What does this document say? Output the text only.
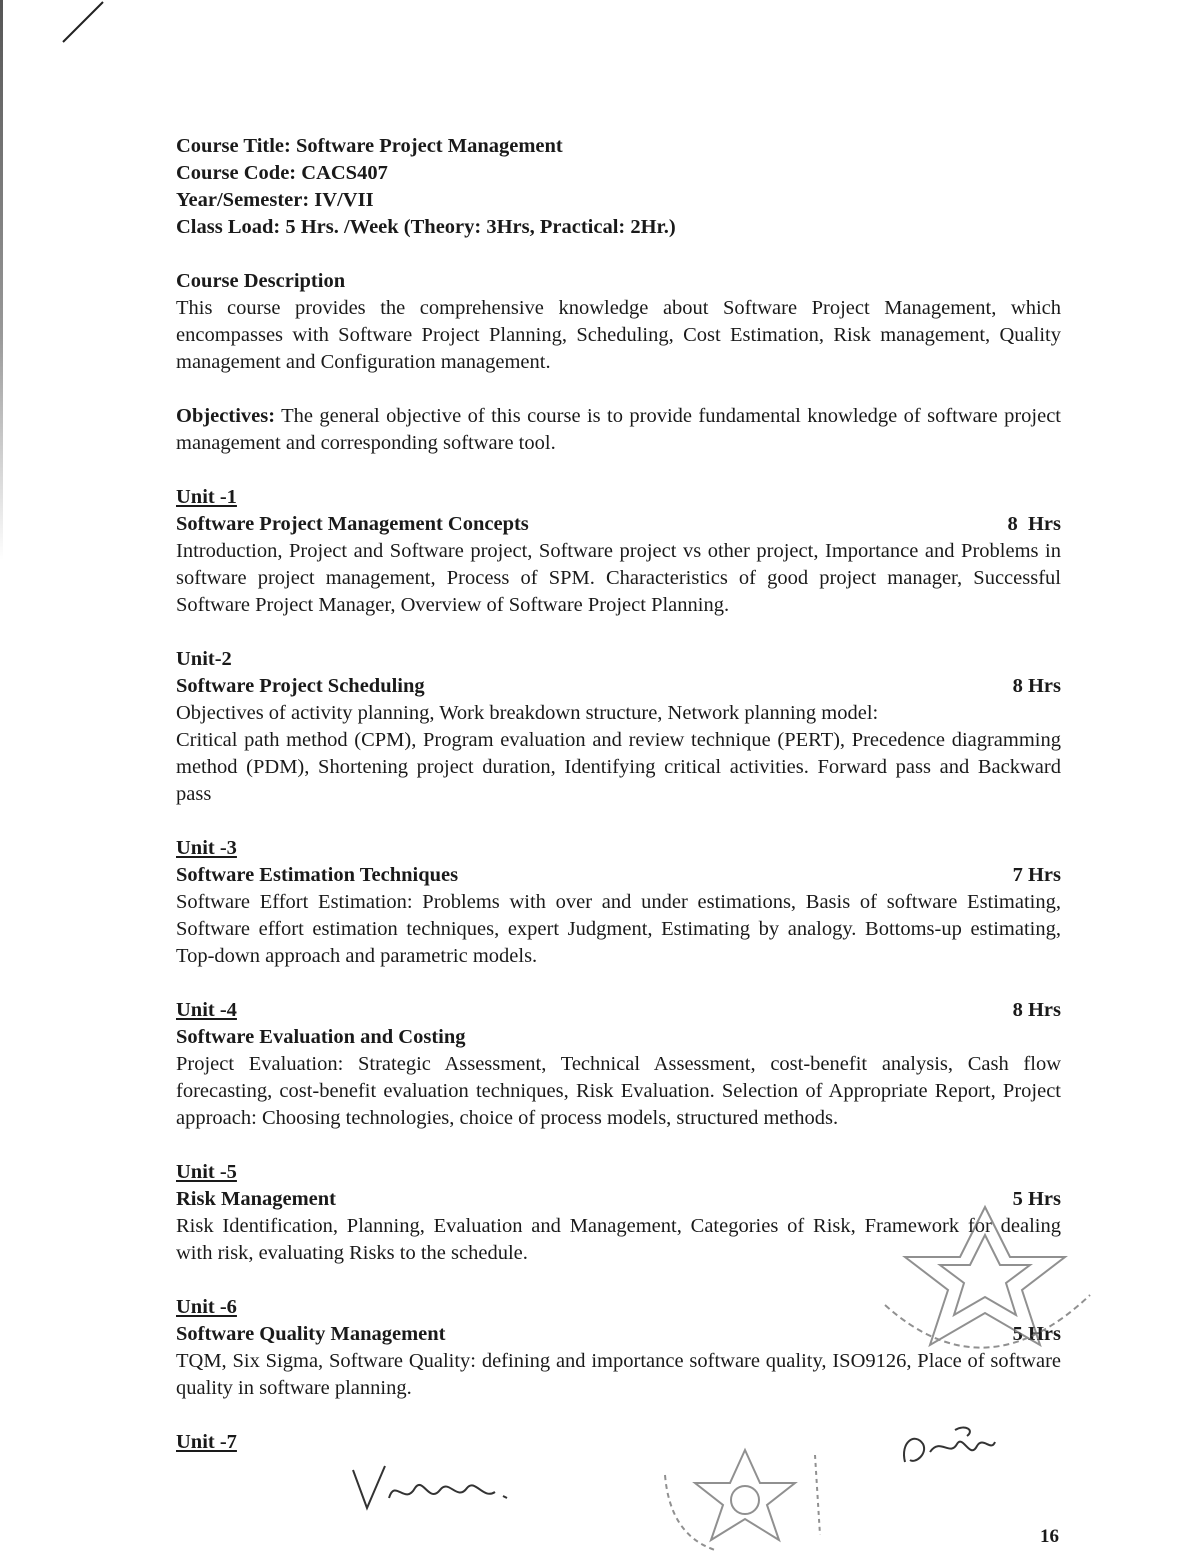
Course Title: Software Project Management

Course Code: CACS407

Year/Semester: IV/VII

Class Load: 5 Hrs. /Week (Theory: 3Hrs, Practical: 2Hr.)

Course Description

This course provides the comprehensive knowledge about Software Project Management, which encompasses with Software Project Planning, Scheduling, Cost Estimation, Risk management, Quality management and Configuration management.

Objectives: The general objective of this course is to provide fundamental knowledge of software project management and corresponding software tool.

Unit -1

Software Project Management Concepts	8  Hrs

Introduction, Project and Software project, Software project vs other project, Importance and Problems in software project management, Process of SPM. Characteristics of good project manager, Successful Software Project Manager, Overview of Software Project Planning.

Unit-2

Software Project Scheduling	8 Hrs

Objectives of activity planning, Work breakdown structure, Network planning model:

Critical path method (CPM), Program evaluation and review technique (PERT), Precedence diagramming method (PDM), Shortening project duration, Identifying critical activities. Forward pass and Backward pass

Unit -3

Software Estimation Techniques	7 Hrs

Software Effort Estimation: Problems with over and under estimations, Basis of software Estimating, Software effort estimation techniques, expert Judgment, Estimating by analogy. Bottoms-up estimating, Top-down approach and parametric models.

Unit -4	8 Hrs

Software Evaluation and Costing

Project Evaluation: Strategic Assessment, Technical Assessment, cost-benefit analysis, Cash flow forecasting, cost-benefit evaluation techniques, Risk Evaluation. Selection of Appropriate Report, Project approach: Choosing technologies, choice of process models, structured methods.

Unit -5

Risk Management	5 Hrs

Risk Identification, Planning, Evaluation and Management, Categories of Risk, Framework for dealing with risk, evaluating Risks to the schedule.

Unit -6

Software Quality Management	5 Hrs

TQM, Six Sigma, Software Quality: defining and importance software quality, ISO9126, Place of software quality in software planning.

Unit -7

16
